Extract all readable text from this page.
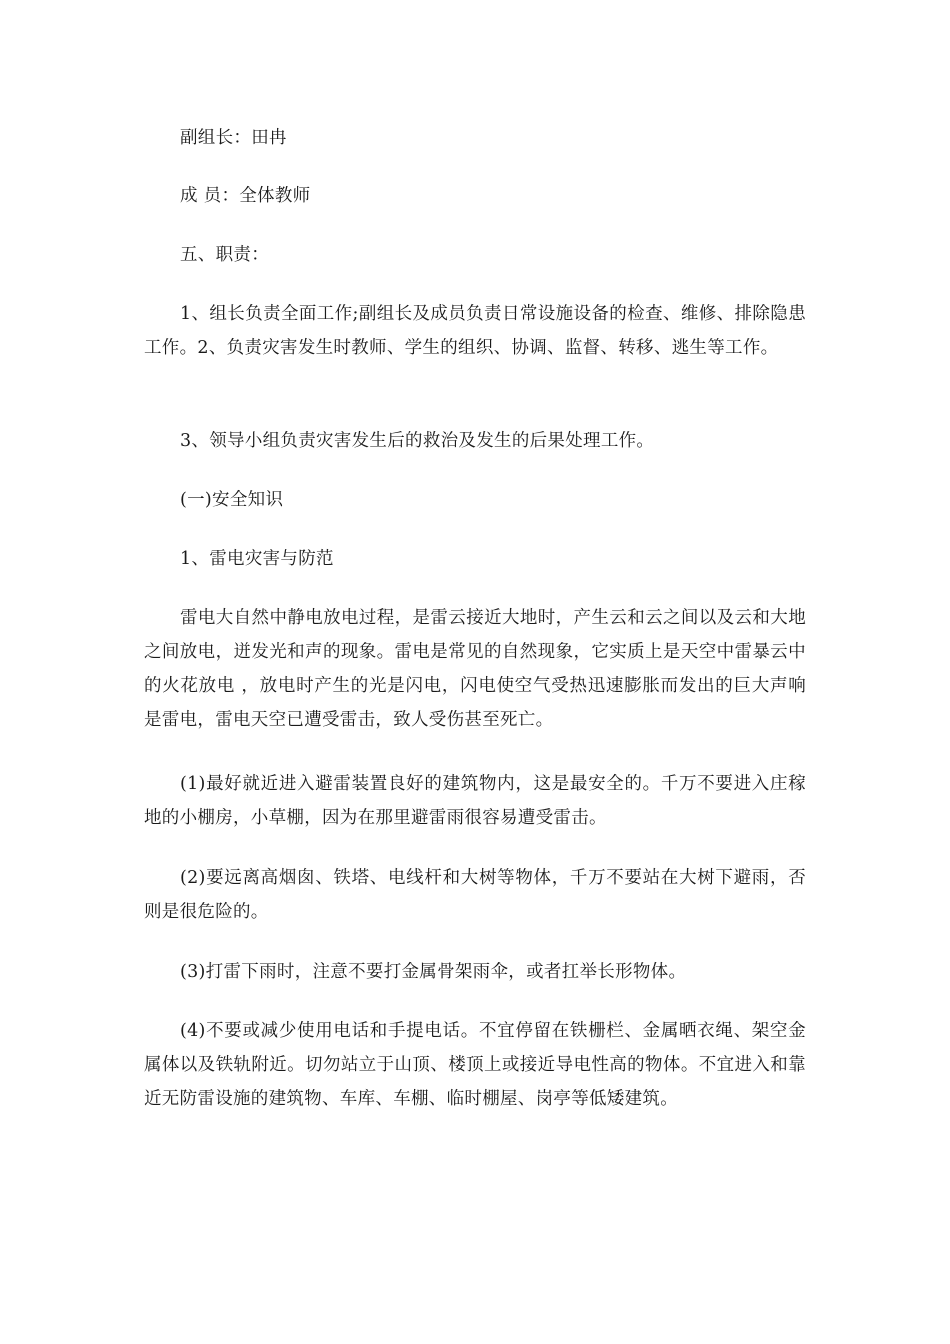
副组长：田冉

成 员：全体教师

五、职责：

1、组长负责全面工作;副组长及成员负责日常设施设备的检查、维修、排除隐患工作。2、负责灾害发生时教师、学生的组织、协调、监督、转移、逃生等工作。

3、领导小组负责灾害发生后的救治及发生的后果处理工作。

(一)安全知识

1、雷电灾害与防范

雷电大自然中静电放电过程，是雷云接近大地时，产生云和云之间以及云和大地之间放电，迸发光和声的现象。雷电是常见的自然现象，它实质上是天空中雷暴云中的火花放电 ，放电时产生的光是闪电，闪电使空气受热迅速膨胀而发出的巨大声响是雷电，雷电天空已遭受雷击，致人受伤甚至死亡。

(1)最好就近进入避雷装置良好的建筑物内，这是最安全的。千万不要进入庄稼地的小棚房，小草棚，因为在那里避雷雨很容易遭受雷击。

(2)要远离高烟囱、铁塔、电线杆和大树等物体，千万不要站在大树下避雨，否则是很危险的。

(3)打雷下雨时，注意不要打金属骨架雨伞，或者扛举长形物体。

(4)不要或减少使用电话和手提电话。不宜停留在铁栅栏、金属晒衣绳、架空金属体以及铁轨附近。切勿站立于山顶、楼顶上或接近导电性高的物体。不宜进入和靠近无防雷设施的建筑物、车库、车棚、临时棚屋、岗亭等低矮建筑。
